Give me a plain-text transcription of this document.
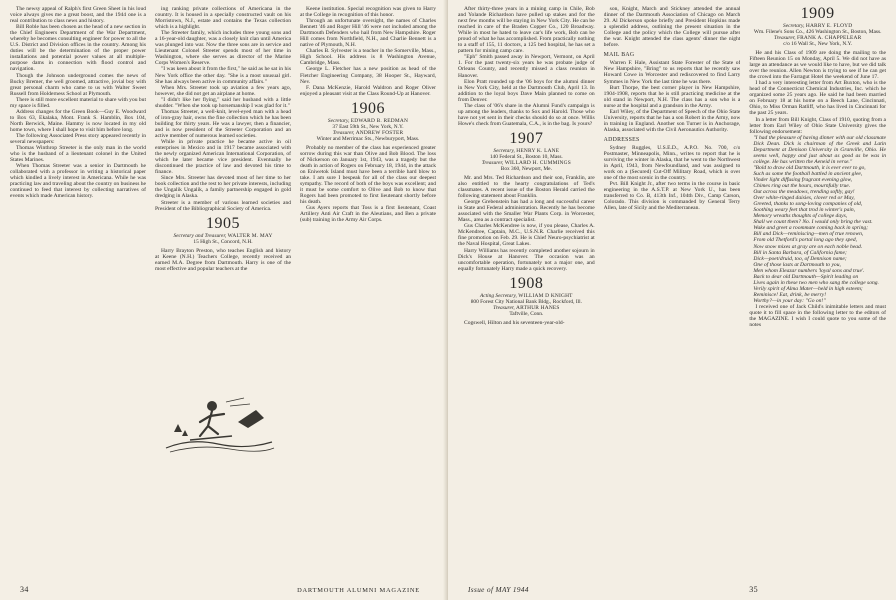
The newsy appeal of Ralph's first Green Sheet in his loud voice always gives me a great boost, and the 1944 one is a real contribution to class news and history.

Bill Roble has been chosen as the head of a new section in the Chief Engineers Department of the War Department, whereby he becomes consulting engineer for power to all the U.S. District and Division offices in the country. Among his duties will be the determination of the proper power installations and potential power values at all multiple-purpose dams in connection with flood control and navigation.

Though the Johnson underground comes the news of Bucky Bremer, the well groomed, attractive, jovial boy with great personal charm who came to us with Walter Sweet Russell from Holderness School at Plymouth.

There is still more excellent material to share with you but my space is filled.

Address changes for the Green Book—Guy E. Woodward to Box 63, Ekalaka, Mont. Frank S. Hamblin, Box 104, North Berwick, Maine. Hammy is now located in my old home town, where I shall hope to visit him before long.

The following Associated Press story appeared recently in several newspapers:

Thomas Winthrop Streeter is the only man in the world who is the husband of a lieutenant colonel in the United States Marines.

When Thomas Streeter was a senior in Dartmouth he collaborated with a professor in writing a historical paper which kindled a lively interest in Americana. While he was practicing law and traveling about the country on business he continued to feed that interest by collecting narratives of events which made American history.

ing ranking private collections of Americana in the country. It is housed in a specially constructed vault on his Morristown, N.J., estate and contains the Texas collection which is a highlight.

The Streeter family, which includes three young sons and a 16-year-old daughter, was a closely knit clan until America was plunged into war. Now the three sons are in service and Lieutenant Colonel Streeter spends most of her time in Washington, where she serves as director of the Marine Corps Women's Reserve.

"I was keen about it from the first," he said as he sat in his New York office the other day. "She is a most unusual girl. She has always been active in community affairs."

When Mrs. Streeter took up aviation a few years ago, however, she did not get an airplane at home.

"I didn't like her flying," said her husband with a little shudder. "When she took up horsemanship I was glad for it."

Thomas Streeter, a well-knit, level-eyed man with a head of iron-gray hair, owns the fine collection which he has been building for thirty years. He was a lawyer, then a financier, and is now president of the Streeter Corporation and an active member of numerous learned societies.

While in private practice he became active in oil enterprises in Mexico and in 1917 became associated with the newly organized American International Corporation, of which he later became vice president. Eventually he discontinued the practice of law and devoted his time to finance.

Since Mrs. Streeter has devoted most of her time to her book collection and the rest to her private interests, including the Ungalik Ungalik, a family partnership engaged in gold dredging in Alaska.

Streeter is a member of various learned societies and President of the Bibliographical Society of America.

1905
Secretary and Treasurer, WALTER M. MAY
15 High St., Concord, N.H.

Harry Brayton Preston, who teaches English and history at Keene (N.H.) Teachers College, recently received an earned M.A. Degree from Dartmouth. Harry is one of the most effective and popular teachers at the

Keene institution. Special recognition was given to Harry at the College in recognition of this honor.

Through an unfortunate oversight, the names of Charles Bennett '46 and Roger Hill '46 were not included among the Dartmouth Defenders who hail from New Hampshire. Roger Hill comes from Northfield, N.H., and Charlie Bennett is a native of Plymouth, N.H.

Charles B. Sylvester is a teacher in the Somerville, Mass., High School. His address is 8 Washington Avenue, Cambridge, Mass.

George L. Fletcher has a new position as head of the Fletcher Engineering Company, 38 Hooper St., Hayward, Nev.

F. Dana McKenzie, Harold Waldron and Roger Oliver enjoyed a pleasant visit at the Class Round-Up at Hanover.

1906
Secretary, EDWARD B. REDMAN
37 East 59th St., New York, N.Y.
Treasurer, ANDREW FOSTER
Winter and Merrimac Sts., Newburyport, Mass.

Probably no member of the class has experienced greater sorrow during this war than Olive and Bob Blood. The loss of Nickerson on January 1st, 1943, was a tragedy but the death in action of Rogers on February 18, 1944, in the attack on Eniwetok Island must have been a terrible hard blow to take. I am sure I bespeak for all of the class our deepest sympathy. The record of both of the boys was excellent; and it must be some comfort to Olive and Bob to know that Rogers had been promoted to first lieutenant shortly before his death.

Gus Ayers reports that Toss is a first lieutenant, Coast Artillery Anti Air Craft in the Aleutians, and Ben a private (sub) training in the Army Air Corps.

34	DARTMOUTH ALUMNI MAGAZINE

After thirty-three years in a mining camp in Chile, Bob and Yolande Richardson have pulled up stakes and for the next few months will be staying in New York City. He can be reached in care of the Braden Copper Co., 120 Broadway. While in most he hated to leave car's life work, Bob can be proud of what he has accomplished. From practically nothing to a staff of 155, 11 doctors, a 125 bed hospital, he has set a pattern for mining camp care.

"Eph" Smith passed away in Newport, Vermont, on April 1. For the past twenty-six years he was probate judge of Orleans County, and recently missed a class reunion in Hanover.

Elon Pratt rounded up the '06 boys for the alumni dinner in New York City, held at the Dartmouth Club, April 13. In addition to the loyal boys Dave Main planned to come on from Denver.

The class of '06's share in the Alumni Fund's campaign is up among the leaders, thanks to Sox and Harold. Those who have not yet sent in their checks should do so at once. Willis Howe's check from Guatemala, C.A., is in the bag. Is yours?

1907
Secretary, HENRY K. LANE
140 Federal St., Boston 10, Mass.
Treasurer, WILLARD H. CUMMINGS
Box 360, Newport, Me.

Mr. and Mrs. Ted Richardson and their son, Franklin, are also entitled to the hearty congratulations of Ted's classmates. A recent issue of the Boston Herald carried the following statement about Franklin.

George Grebenstein has had a long and successful career in State and Federal administration. Recently he has become associated with the Smaller War Plants Corp. in Worcester, Mass., area as a contract specialist.

Gus Charles McKendree is now, if you please, Charles A. McKendree, Captain, M.C., U.S.N.R. Charlie received this fine promotion on Feb. 29. He is Chief Neuro-psychiatrist at the Naval Hospital, Great Lakes.

Harry Williams has recently completed another sojourn in Dick's House at Hanover. The occasion was an uncomfortable operation, fortunately not a major one, and equally fortunately Harry made a quick recovery.

1908
Acting Secretary, WILLIAM D KNIGHT
800 Forest City National Bank Bldg., Rockford, Ill.
Treasurer, ARTHUR HANES
Taftville, Conn.

Cogswell, Hilton and his seventeen-year-old-

son, Knight, March and Stickney attended the annual dinner of the Dartmouth Association of Chicago on March 29. Al Dickerson spoke briefly and President Hopkins made a splendid address, outlining the present situation in the College and the policy which the College will pursue after the war. Knight attended the class agents' dinner the night before.

MAIL BAG

Warren F. Hale, Assistant State Forester of the State of New Hampshire, "Bring" to us reports that he recently saw Howard Cowe in Worcester and rediscovered to find Larry Symmes in New York the last time he was there.

Burt Thorpe, the best corner player in New Hampshire, 1904-1908, reports that he is still practicing medicine at the old stand in Newport, N.H. The class has a son who is a nurse at the hospital and a grandson in the Army.

Earl Wiley, of the Department of Speech of the Ohio State University, reports that he has a son Robert in the Army, now in training in England. Another son Turner is in Anchorage, Alaska, associated with the Civil Aeronautics Authority.

ADDRESSES

Sydney Ruggles, U.S.E.D., A.P.O. No. 700, c/o Postmaster, Minneapolis, Minn., writes to report that he is surviving the winter in Alaska, that he went to the Northwest in April, 1943, from Newfoundland, and was assigned to work on a (Secured) Cut-Off Military Road, which is over one of the most scenic in the country.

Pvt. Bill Knight Jr., after two terms in the course in basic engineering in the A.S.T.P. at New York U., has been transferred to Co. B, 413th Inf., 104th Div., Camp Carson, Colorado. This division is commanded by General Terry Allen, late of Sicily and the Mediterranean.

1909
Secretary, HARRY E. FLOYD
Wm. Filene's Sons Co., 426 Washington St., Boston, Mass.
Treasurer, FRANK A. CHAPPELEAR
c/o 16 Wall St., New York, N.Y.

He and his Class of 1909 are doing the mailing to the Fifteen Reunion 15 on Monday, April 5. We did not have as large an attendance as we would like to have, but we did talk over the reunion. Allen Newton is trying to see if he can get the crowd into the Farragut Hotel the weekend of June 17.

I had a very interesting letter from Art Buxton, who is the head of the Connecticut Chemical Industries, Inc. which he organized some 25 years ago. He said he had been married on February 18 at his home on a Beech Lane, Cincinnati, Ohio, to Miss Orman Ratliff, who has lived in Cincinnati for the past 25 years.

In a letter from Bill Knight, Class of 1910, quoting from a letter from Earl Wiley of Ohio State University gives the following endorsement:

"I had the pleasure of having dinner with our old classmate Dick Dean. Dick is chairman of the Greek and Latin Department at Denison University in Granville, Ohio. He seems well, happy and just about as good as he was in college. He has written the Aeneid in verse."

"Bold to draw old Dartmouth, it is ever ever to go,

Such as some the football battled in ancient glee,

Vinder light diffusing fragrant evening glow,

Chimes ring out the hours, mournfully true.

Out across the meadows, trending softly, gay!

Over white-ringed daisies, clover red or May,

Greeted, thanks to song-loving companies of old,

Soothing weary feet that trod in winter's pain,

Memory wreaths thoughts of college days,

Shall we count them? No. I would only bring the vast.

Wake and greet a roommate coming back in spring;

Bill and Dick—reminiscing—men of true renown,

From old Thetford's portal long ago they sped,

Now snow mixes at gray are on each noble head.

Bill in Santa Barbara, of California fame;

Dick—poet/druid, too, of Dennison name;

One of those lasts at Dartmouth to you,

Men whom Eleazar numbers 'loyal sons and true'.

Back to dear old Dartmouth—Spirit leading on

Lives again in these two men who sang the college song.

Verily spirit of Alma Mater—held in high esteem;

Reminisce! Eat, drink, be merry!

Worthy?—in your day: "Go on!"

I received one of Jack Child's inimitable letters and must quote it to fill space in the following letter to the editors of the MAGAZINE. I wish I could quote to you some of the notes

Issue of MAY 1944	35
